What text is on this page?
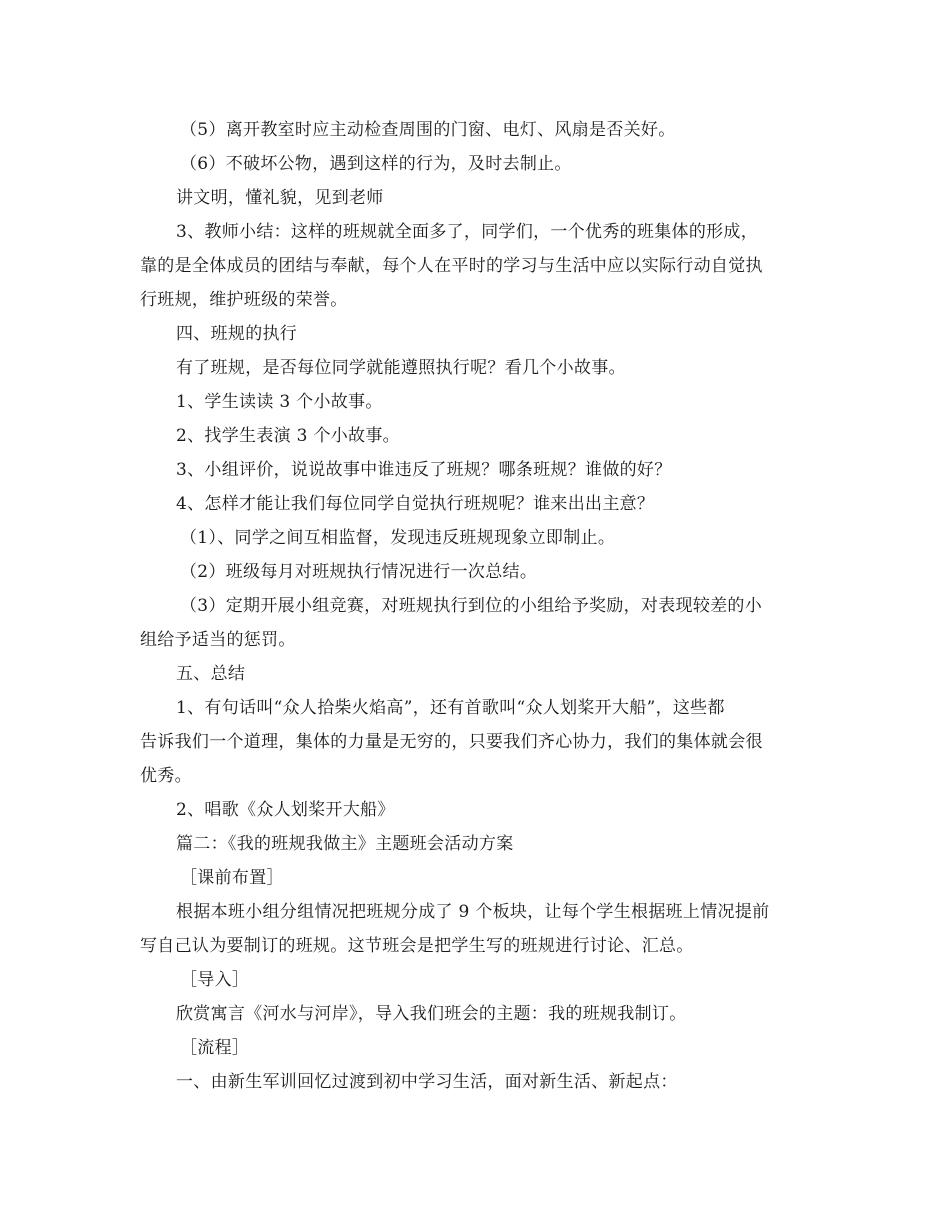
（5）离开教室时应主动检查周围的门窗、电灯、风扇是否关好。
（6）不破坏公物，遇到这样的行为，及时去制止。
讲文明，懂礼貌，见到老师
3、教师小结：这样的班规就全面多了，同学们，一个优秀的班集体的形成，
靠的是全体成员的团结与奉献，每个人在平时的学习与生活中应以实际行动自觉执
行班规，维护班级的荣誉。
四、班规的执行
有了班规，是否每位同学就能遵照执行呢？看几个小故事。
1、学生读读 3 个小故事。
2、找学生表演 3 个小故事。
3、小组评价，说说故事中谁违反了班规？哪条班规？谁做的好？
4、怎样才能让我们每位同学自觉执行班规呢？谁来出出主意？
（1）、同学之间互相监督，发现违反班规现象立即制止。
（2）班级每月对班规执行情况进行一次总结。
（3）定期开展小组竞赛，对班规执行到位的小组给予奖励，对表现较差的小
组给予适当的惩罚。
五、总结
1、有句话叫“众人拾柴火焰高”，还有首歌叫“众人划桨开大船”，这些都
告诉我们一个道理，集体的力量是无穷的，只要我们齐心协力，我们的集体就会很
优秀。
2、唱歌《众人划桨开大船》
篇二：《我的班规我做主》主题班会活动方案
［课前布置］
根据本班小组分组情况把班规分成了 9 个板块，让每个学生根据班上情况提前
写自己认为要制订的班规。这节班会是把学生写的班规进行讨论、汇总。
［导入］
欣赏寓言《河水与河岸》，导入我们班会的主题：我的班规我制订。
［流程］
一、由新生军训回忆过渡到初中学习生活，面对新生活、新起点：
